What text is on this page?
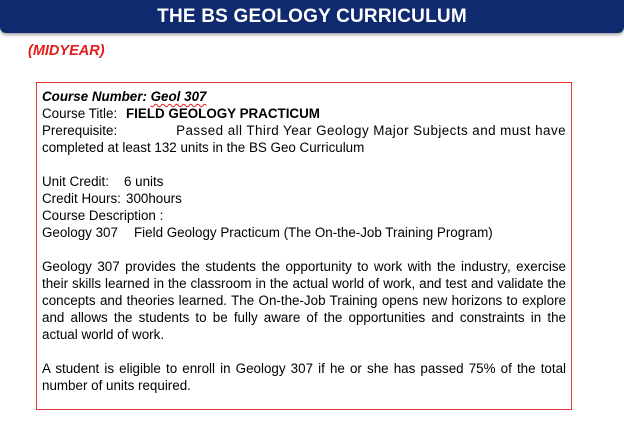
THE BS GEOLOGY CURRICULUM
(MIDYEAR)
Course Number: Geol 307
Course Title: FIELD GEOLOGY PRACTICUM
Prerequisite:	Passed all Third Year Geology Major Subjects and must have
completed at least 132 units in the BS Geo Curriculum
Unit Credit: 6 units
Credit Hours: 300hours
Course Description :
Geology 307 Field Geology Practicum (The On-the-Job Training Program)
Geology 307 provides the students the opportunity to work with the industry, exercise their skills learned in the classroom in the actual world of work, and test and validate the concepts and theories learned. The On-the-Job Training opens new horizons to explore and allows the students to be fully aware of the opportunities and constraints in the actual world of work.
A student is eligible to enroll in Geology 307 if he or she has passed 75% of the total number of units required.
